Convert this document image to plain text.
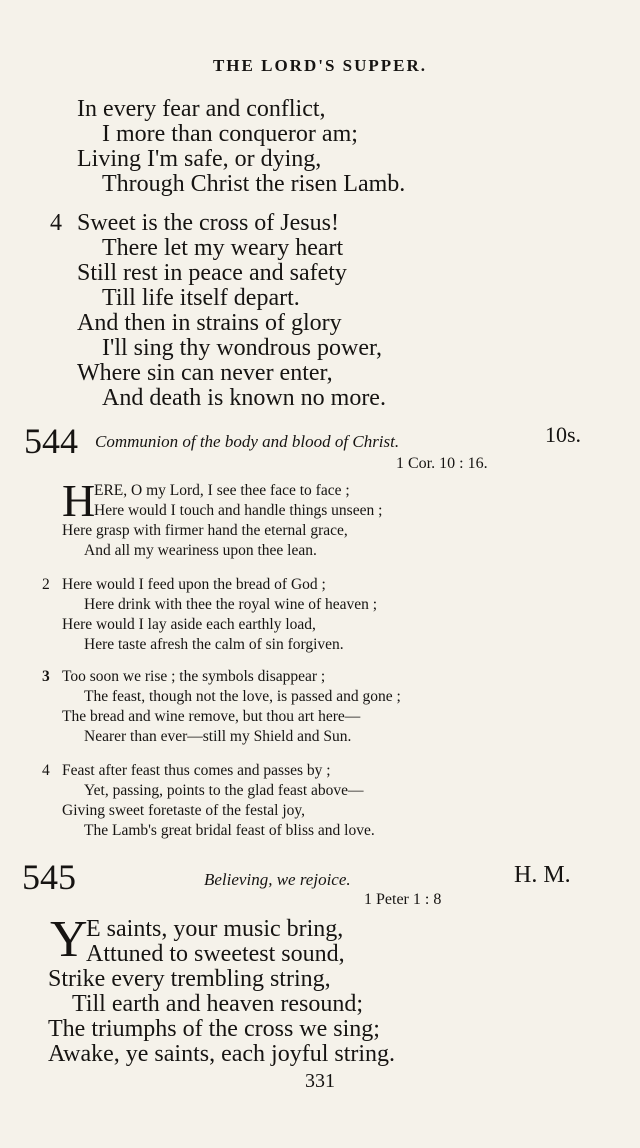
THE LORD'S SUPPER.
In every fear and conflict,
I more than conqueror am;
Living I'm safe, or dying,
Through Christ the risen Lamb.
4 Sweet is the cross of Jesus!
There let my weary heart
Still rest in peace and safety
Till life itself depart.
And then in strains of glory
I'll sing thy wondrous power,
Where sin can never enter,
And death is known no more.
544 Communion of the body and blood of Christ.	10s.
1 Cor. 10 : 16.
H
ERE, O my Lord, I see thee face to face ;
Here would I touch and handle things unseen ;
Here grasp with firmer hand the eternal grace,
And all my weariness upon thee lean.
2 Here would I feed upon the bread of God ;
Here drink with thee the royal wine of heaven ;
Here would I lay aside each earthly load,
Here taste afresh the calm of sin forgiven.
3 Too soon we rise ; the symbols disappear ;
The feast, though not the love, is passed and gone ;
The bread and wine remove, but thou art here—
Nearer than ever—still my Shield and Sun.
4 Feast after feast thus comes and passes by ;
Yet, passing, points to the glad feast above—
Giving sweet foretaste of the festal joy,
The Lamb's great bridal feast of bliss and love.
545	Believing, we rejoice.	H. M.
1 Peter 1 : 8
Y
E saints, your music bring,
Attuned to sweetest sound,
Strike every trembling string,
Till earth and heaven resound;
The triumphs of the cross we sing;
Awake, ye saints, each joyful string.
331
